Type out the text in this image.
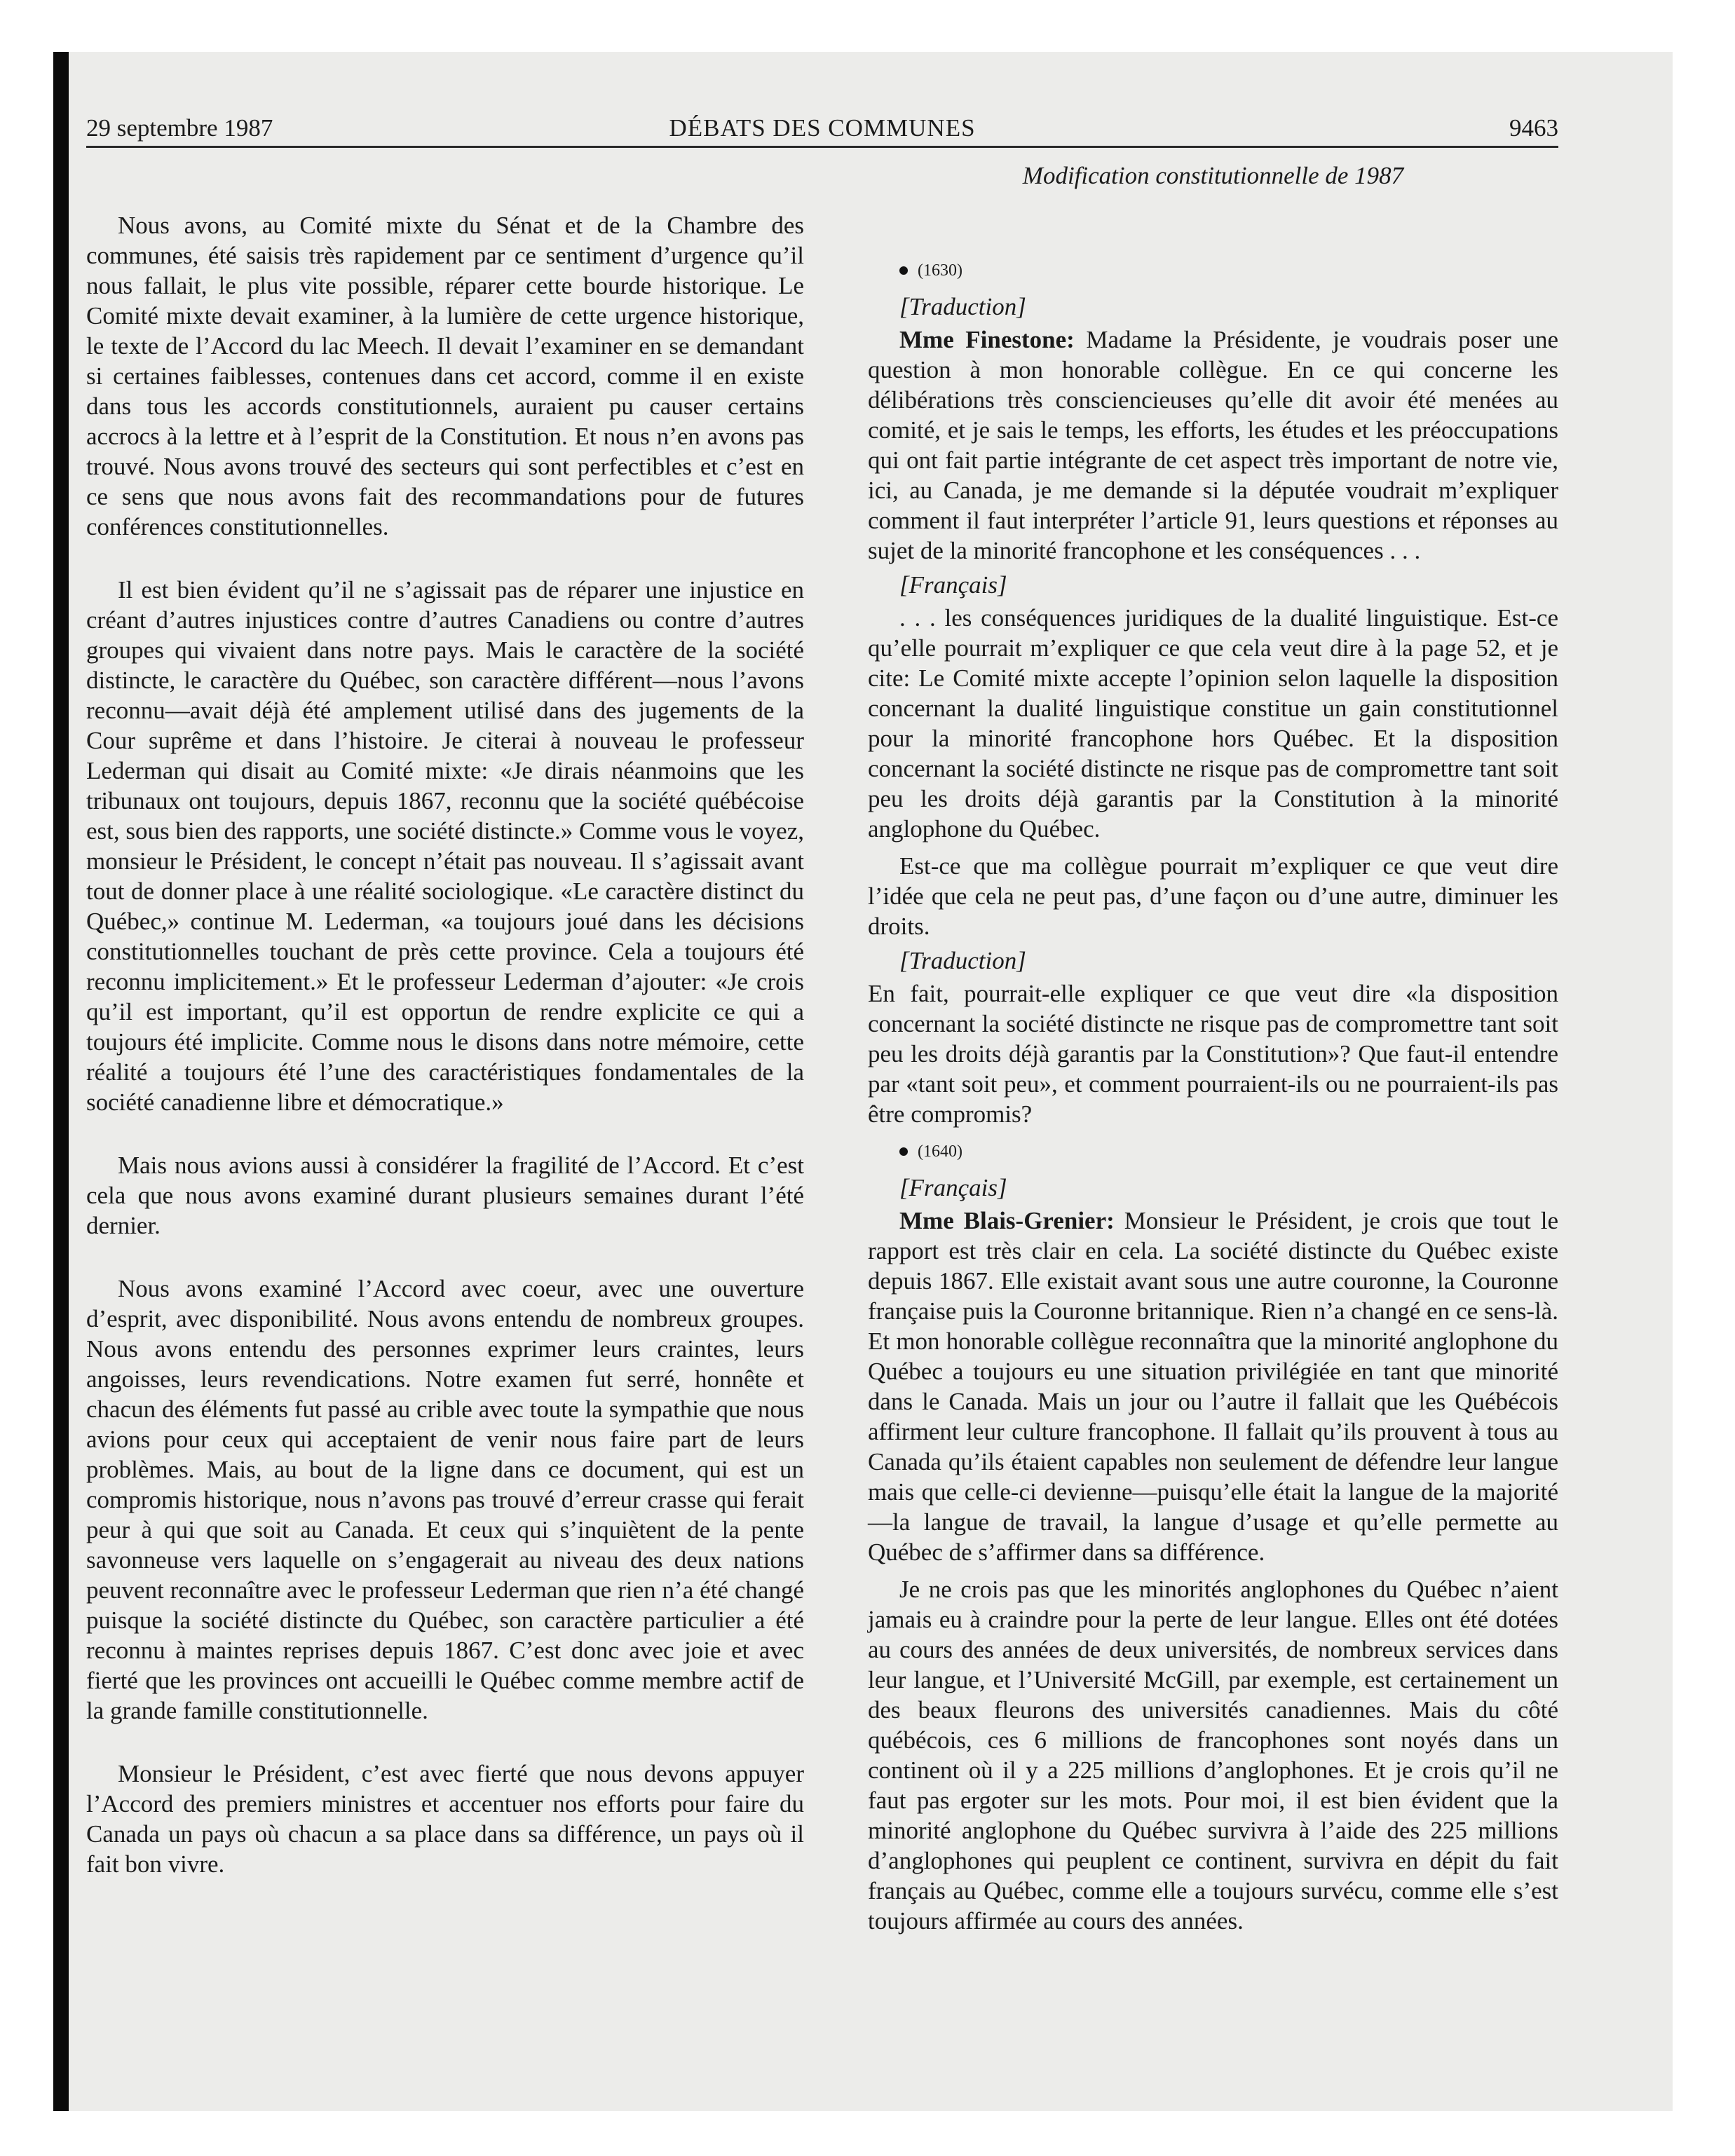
29 septembre 1987	DÉBATS DES COMMUNES	9463
Modification constitutionnelle de 1987

Nous avons, au Comité mixte du Sénat et de la Chambre des communes, été saisis très rapidement par ce sentiment d’urgence qu’il nous fallait, le plus vite possible, réparer cette bourde historique. Le Comité mixte devait examiner, à la lumière de cette urgence historique, le texte de l’Accord du lac Meech. Il devait l’examiner en se demandant si certaines faiblesses, contenues dans cet accord, comme il en existe dans tous les accords constitutionnels, auraient pu causer certains accrocs à la lettre et à l’esprit de la Constitution. Et nous n’en avons pas trouvé. Nous avons trouvé des secteurs qui sont perfectibles et c’est en ce sens que nous avons fait des recommandations pour de futures conférences constitutionnelles.

Il est bien évident qu’il ne s’agissait pas de réparer une injustice en créant d’autres injustices contre d’autres Canadiens ou contre d’autres groupes qui vivaient dans notre pays. Mais le caractère de la société distincte, le caractère du Québec, son caractère différent—nous l’avons reconnu—avait déjà été amplement utilisé dans des jugements de la Cour suprême et dans l’histoire. Je citerai à nouveau le professeur Lederman qui disait au Comité mixte: «Je dirais néanmoins que les tribunaux ont toujours, depuis 1867, reconnu que la société québécoise est, sous bien des rapports, une société distincte.» Comme vous le voyez, monsieur le Président, le concept n’était pas nouveau. Il s’agissait avant tout de donner place à une réalité sociologique. «Le caractère distinct du Québec,» continue M. Lederman, «a toujours joué dans les décisions constitutionnelles touchant de près cette province. Cela a toujours été reconnu implicitement.» Et le professeur Lederman d’ajouter: «Je crois qu’il est important, qu’il est opportun de rendre explicite ce qui a toujours été implicite. Comme nous le disons dans notre mémoire, cette réalité a toujours été l’une des caractéristiques fondamentales de la société canadienne libre et démocratique.»

Mais nous avions aussi à considérer la fragilité de l’Accord. Et c’est cela que nous avons examiné durant plusieurs semaines durant l’été dernier.

Nous avons examiné l’Accord avec coeur, avec une ouverture d’esprit, avec disponibilité. Nous avons entendu de nombreux groupes. Nous avons entendu des personnes exprimer leurs craintes, leurs angoisses, leurs revendications. Notre examen fut serré, honnête et chacun des éléments fut passé au crible avec toute la sympathie que nous avions pour ceux qui acceptaient de venir nous faire part de leurs problèmes. Mais, au bout de la ligne dans ce document, qui est un compromis historique, nous n’avons pas trouvé d’erreur crasse qui ferait peur à qui que soit au Canada. Et ceux qui s’inquiètent de la pente savonneuse vers laquelle on s’engagerait au niveau des deux nations peuvent reconnaître avec le professeur Lederman que rien n’a été changé puisque la société distincte du Québec, son caractère particulier a été reconnu à maintes reprises depuis 1867. C’est donc avec joie et avec fierté que les provinces ont accueilli le Québec comme membre actif de la grande famille constitutionnelle.

Monsieur le Président, c’est avec fierté que nous devons appuyer l’Accord des premiers ministres et accentuer nos efforts pour faire du Canada un pays où chacun a sa place dans sa différence, un pays où il fait bon vivre.

(1630)

[Traduction]

Mme Finestone: Madame la Présidente, je voudrais poser une question à mon honorable collègue. En ce qui concerne les délibérations très consciencieuses qu’elle dit avoir été menées au comité, et je sais le temps, les efforts, les études et les préoccupations qui ont fait partie intégrante de cet aspect très important de notre vie, ici, au Canada, je me demande si la députée voudrait m’expliquer comment il faut interpréter l’article 91, leurs questions et réponses au sujet de la minorité francophone et les conséquences . . .

[Français]

. . . les conséquences juridiques de la dualité linguistique. Est-ce qu’elle pourrait m’expliquer ce que cela veut dire à la page 52, et je cite: Le Comité mixte accepte l’opinion selon laquelle la disposition concernant la dualité linguistique constitue un gain constitutionnel pour la minorité francophone hors Québec. Et la disposition concernant la société distincte ne risque pas de compromettre tant soit peu les droits déjà garantis par la Constitution à la minorité anglophone du Québec.

Est-ce que ma collègue pourrait m’expliquer ce que veut dire l’idée que cela ne peut pas, d’une façon ou d’une autre, diminuer les droits.

[Traduction]

En fait, pourrait-elle expliquer ce que veut dire «la disposition concernant la société distincte ne risque pas de compromettre tant soit peu les droits déjà garantis par la Constitution»? Que faut-il entendre par «tant soit peu», et comment pourraient-ils ou ne pourraient-ils pas être compromis?

(1640)

[Français]

Mme Blais-Grenier: Monsieur le Président, je crois que tout le rapport est très clair en cela. La société distincte du Québec existe depuis 1867. Elle existait avant sous une autre couronne, la Couronne française puis la Couronne britannique. Rien n’a changé en ce sens-là. Et mon honorable collègue reconnaîtra que la minorité anglophone du Québec a toujours eu une situation privilégiée en tant que minorité dans le Canada. Mais un jour ou l’autre il fallait que les Québécois affirment leur culture francophone. Il fallait qu’ils prouvent à tous au Canada qu’ils étaient capables non seulement de défendre leur langue mais que celle-ci devienne—puisqu’elle était la langue de la majorité—la langue de travail, la langue d’usage et qu’elle permette au Québec de s’affirmer dans sa différence.

Je ne crois pas que les minorités anglophones du Québec n’aient jamais eu à craindre pour la perte de leur langue. Elles ont été dotées au cours des années de deux universités, de nombreux services dans leur langue, et l’Université McGill, par exemple, est certainement un des beaux fleurons des universités canadiennes. Mais du côté québécois, ces 6 millions de francophones sont noyés dans un continent où il y a 225 millions d’anglophones. Et je crois qu’il ne faut pas ergoter sur les mots. Pour moi, il est bien évident que la minorité anglophone du Québec survivra à l’aide des 225 millions d’anglophones qui peuplent ce continent, survivra en dépit du fait français au Québec, comme elle a toujours survécu, comme elle s’est toujours affirmée au cours des années.
